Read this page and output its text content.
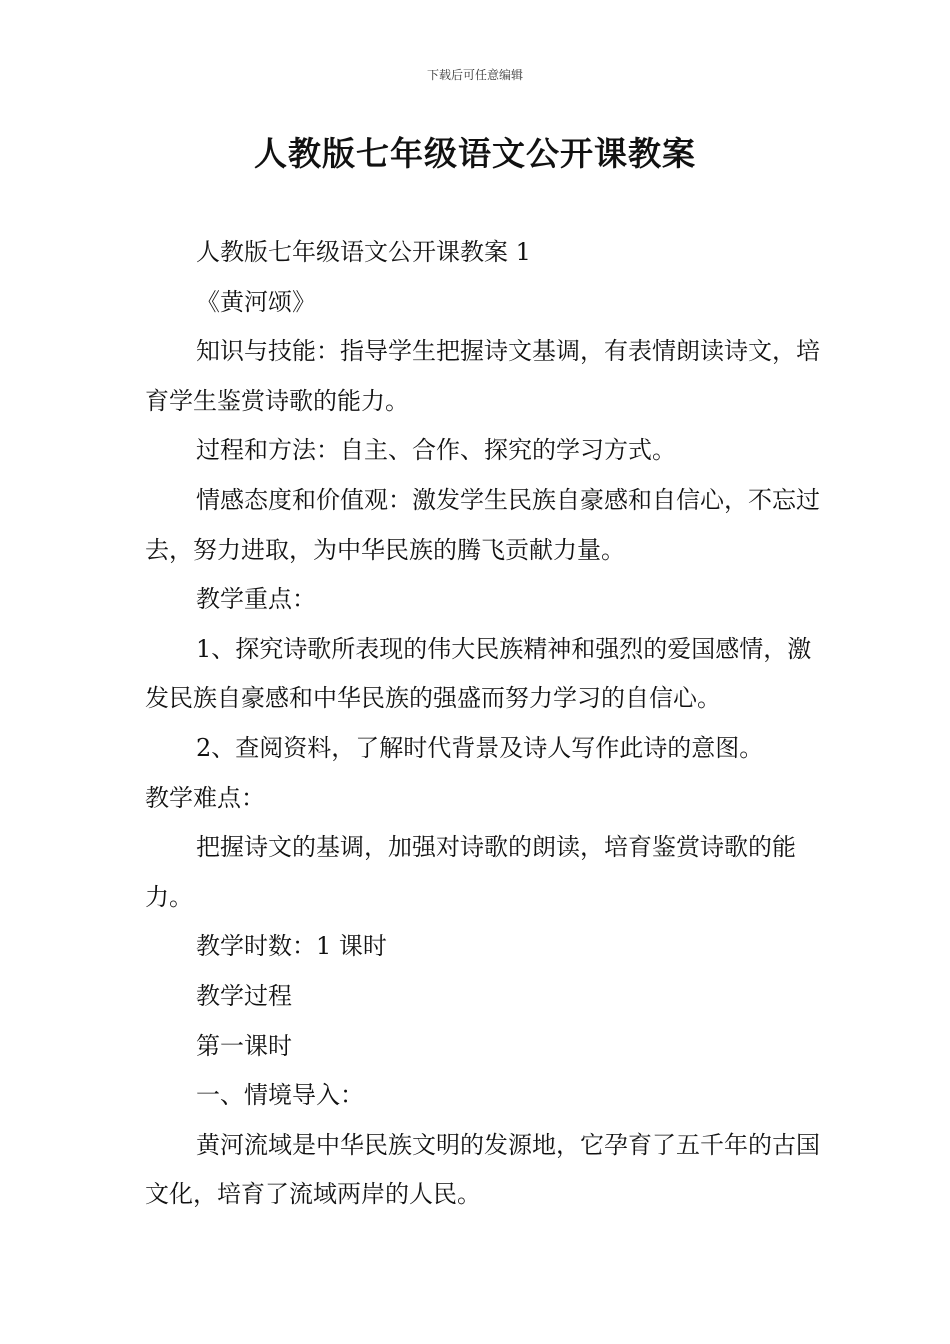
下载后可任意编辑
人教版七年级语文公开课教案

人教版七年级语文公开课教案 1

《黄河颂》

知识与技能：指导学生把握诗文基调，有表情朗读诗文，培育学生鉴赏诗歌的能力。

过程和方法：自主、合作、探究的学习方式。

情感态度和价值观：激发学生民族自豪感和自信心，不忘过去，努力进取，为中华民族的腾飞贡献力量。

教学重点：

1、探究诗歌所表现的伟大民族精神和强烈的爱国感情，激发民族自豪感和中华民族的强盛而努力学习的自信心。

2、查阅资料，了解时代背景及诗人写作此诗的意图。

教学难点：

把握诗文的基调，加强对诗歌的朗读，培育鉴赏诗歌的能力。

教学时数：1 课时

教学过程

第一课时

一、情境导入：

黄河流域是中华民族文明的发源地，它孕育了五千年的古国文化，培育了流域两岸的人民。
